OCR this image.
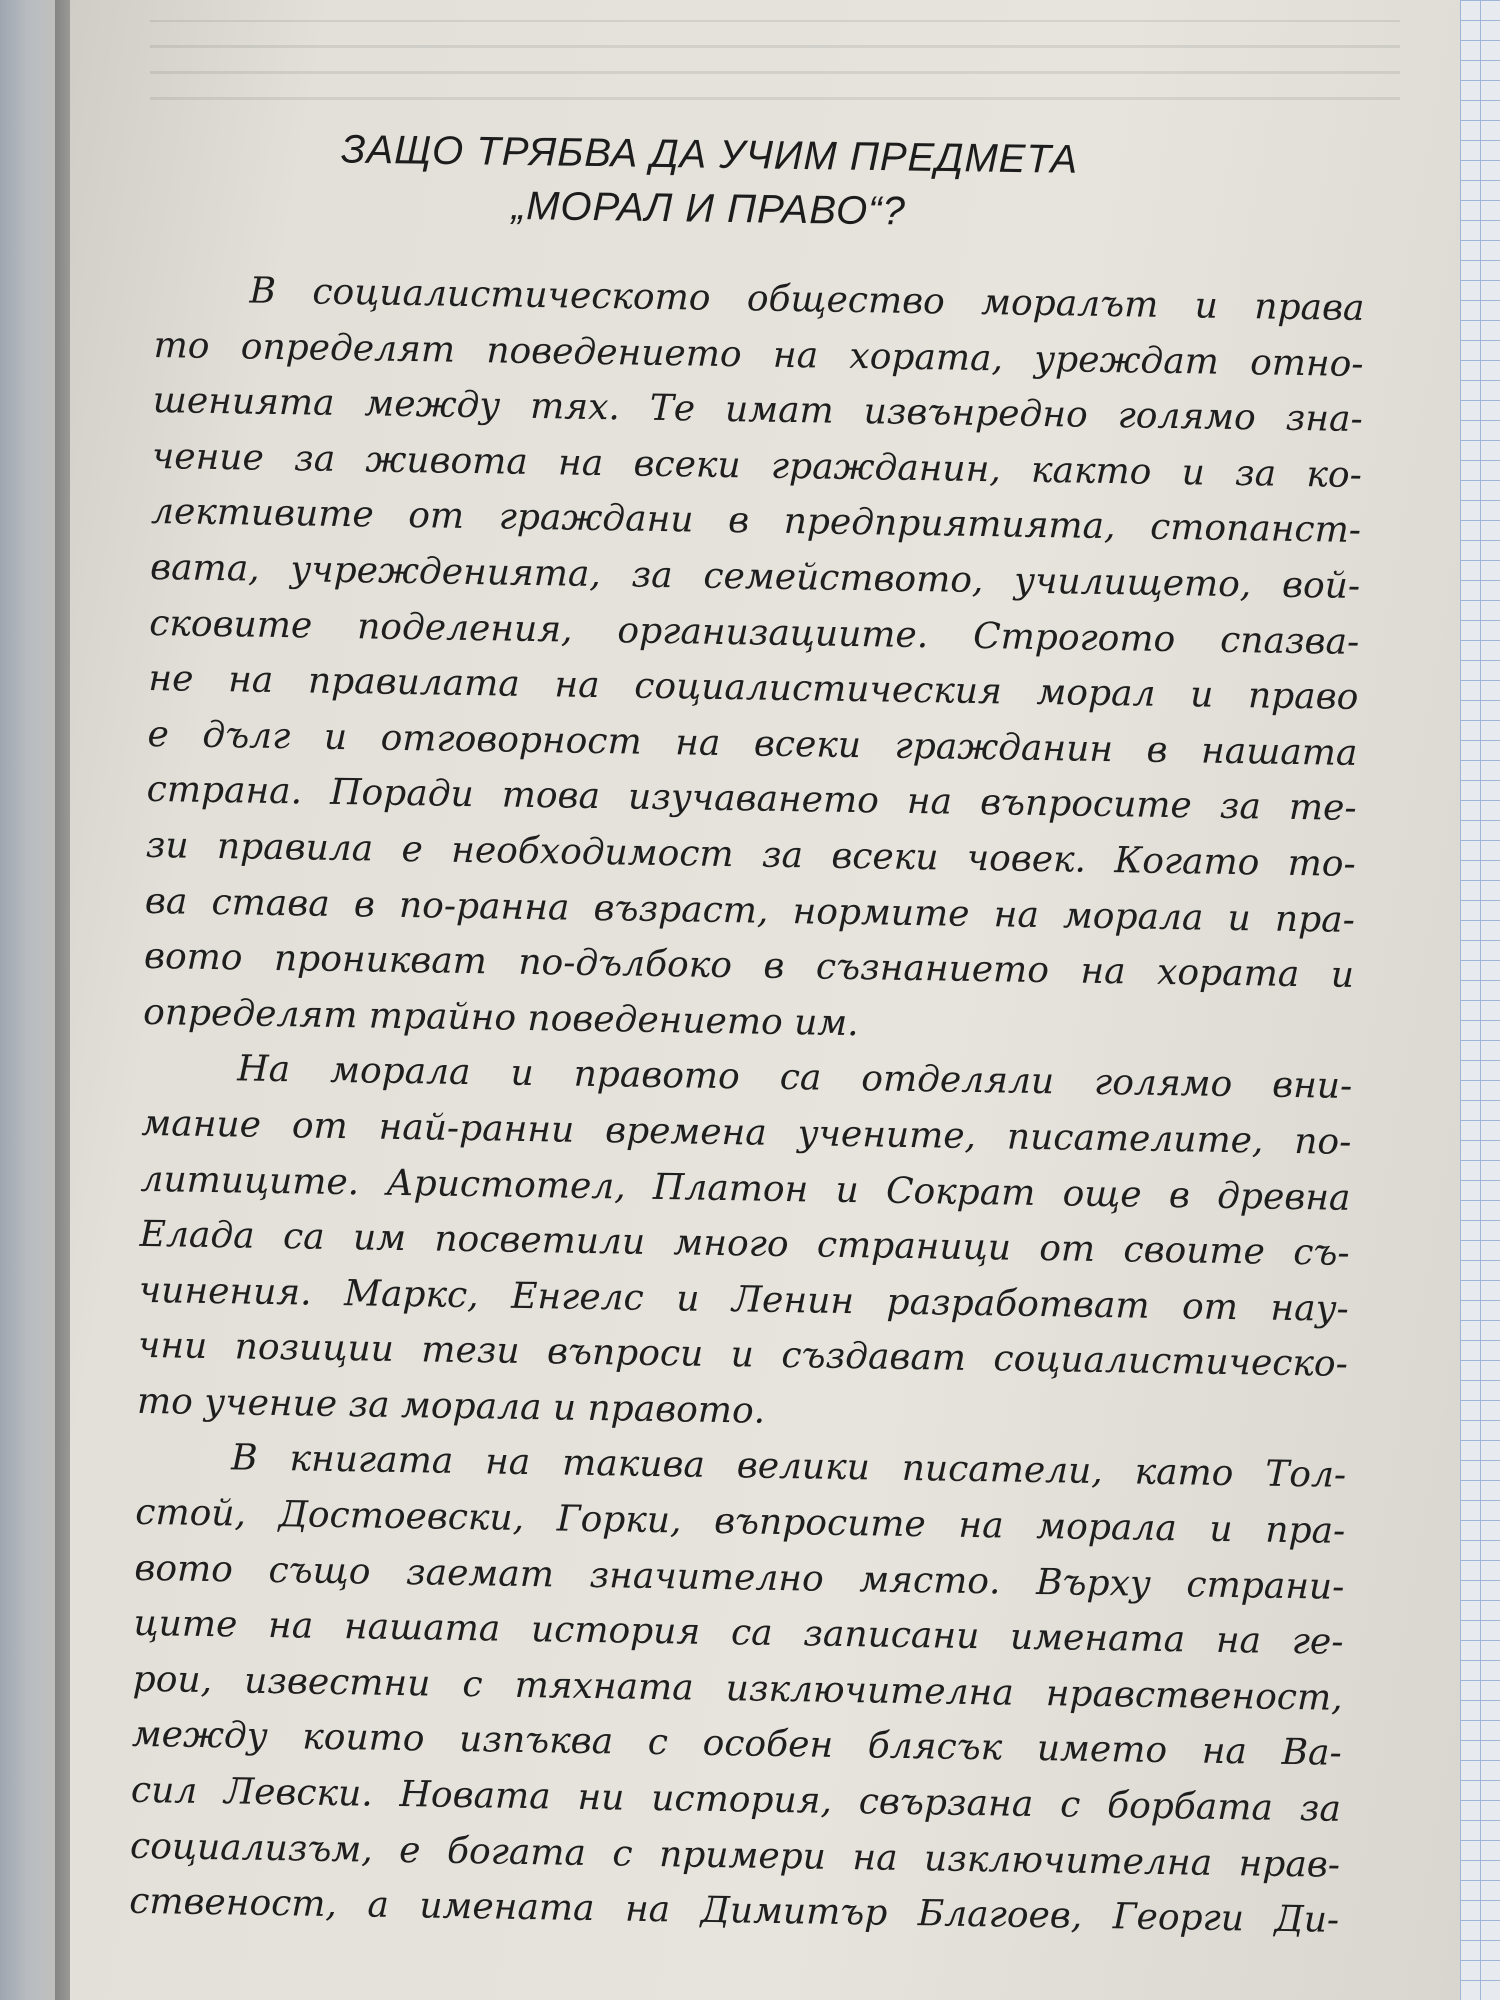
ЗАЩО ТРЯБВА ДА УЧИМ ПРЕДМЕТА
„МОРАЛ И ПРАВО“?
В социалистическото общество моралът и права
то определят поведението на хората, уреждат отно-
шенията между тях. Те имат извънредно голямо зна-
чение за живота на всеки гражданин, както и за ко-
лективите от граждани в предприятията, стопанст-
вата, учрежденията, за семейството, училището, вой-
сковите поделения, организациите. Строгото спазва-
не на правилата на социалистическия морал и право
е дълг и отговорност на всеки гражданин в нашата
страна. Поради това изучаването на въпросите за те-
зи правила е необходимост за всеки човек. Когато то-
ва става в по-ранна възраст, нормите на морала и пра-
вото проникват по-дълбоко в съзнанието на хората и
определят трайно поведението им.
На морала и правото са отделяли голямо вни-
мание от най-ранни времена учените, писателите, по-
литиците. Аристотел, Платон и Сократ още в древна
Елада са им посветили много страници от своите съ-
чинения. Маркс, Енгелс и Ленин разработват от нау-
чни позиции тези въпроси и създават социалистическо-
то учение за морала и правото.
В книгата на такива велики писатели, като Тол-
стой, Достоевски, Горки, въпросите на морала и пра-
вото също заемат значително място. Върху страни-
ците на нашата история са записани имената на ге-
рои, известни с тяхната изключителна нравственост,
между които изпъква с особен блясък името на Ва-
сил Левски. Новата ни история, свързана с борбата за
социализъм, е богата с примери на изключителна нрав-
ственост, а имената на Димитър Благоев, Георги Ди-
